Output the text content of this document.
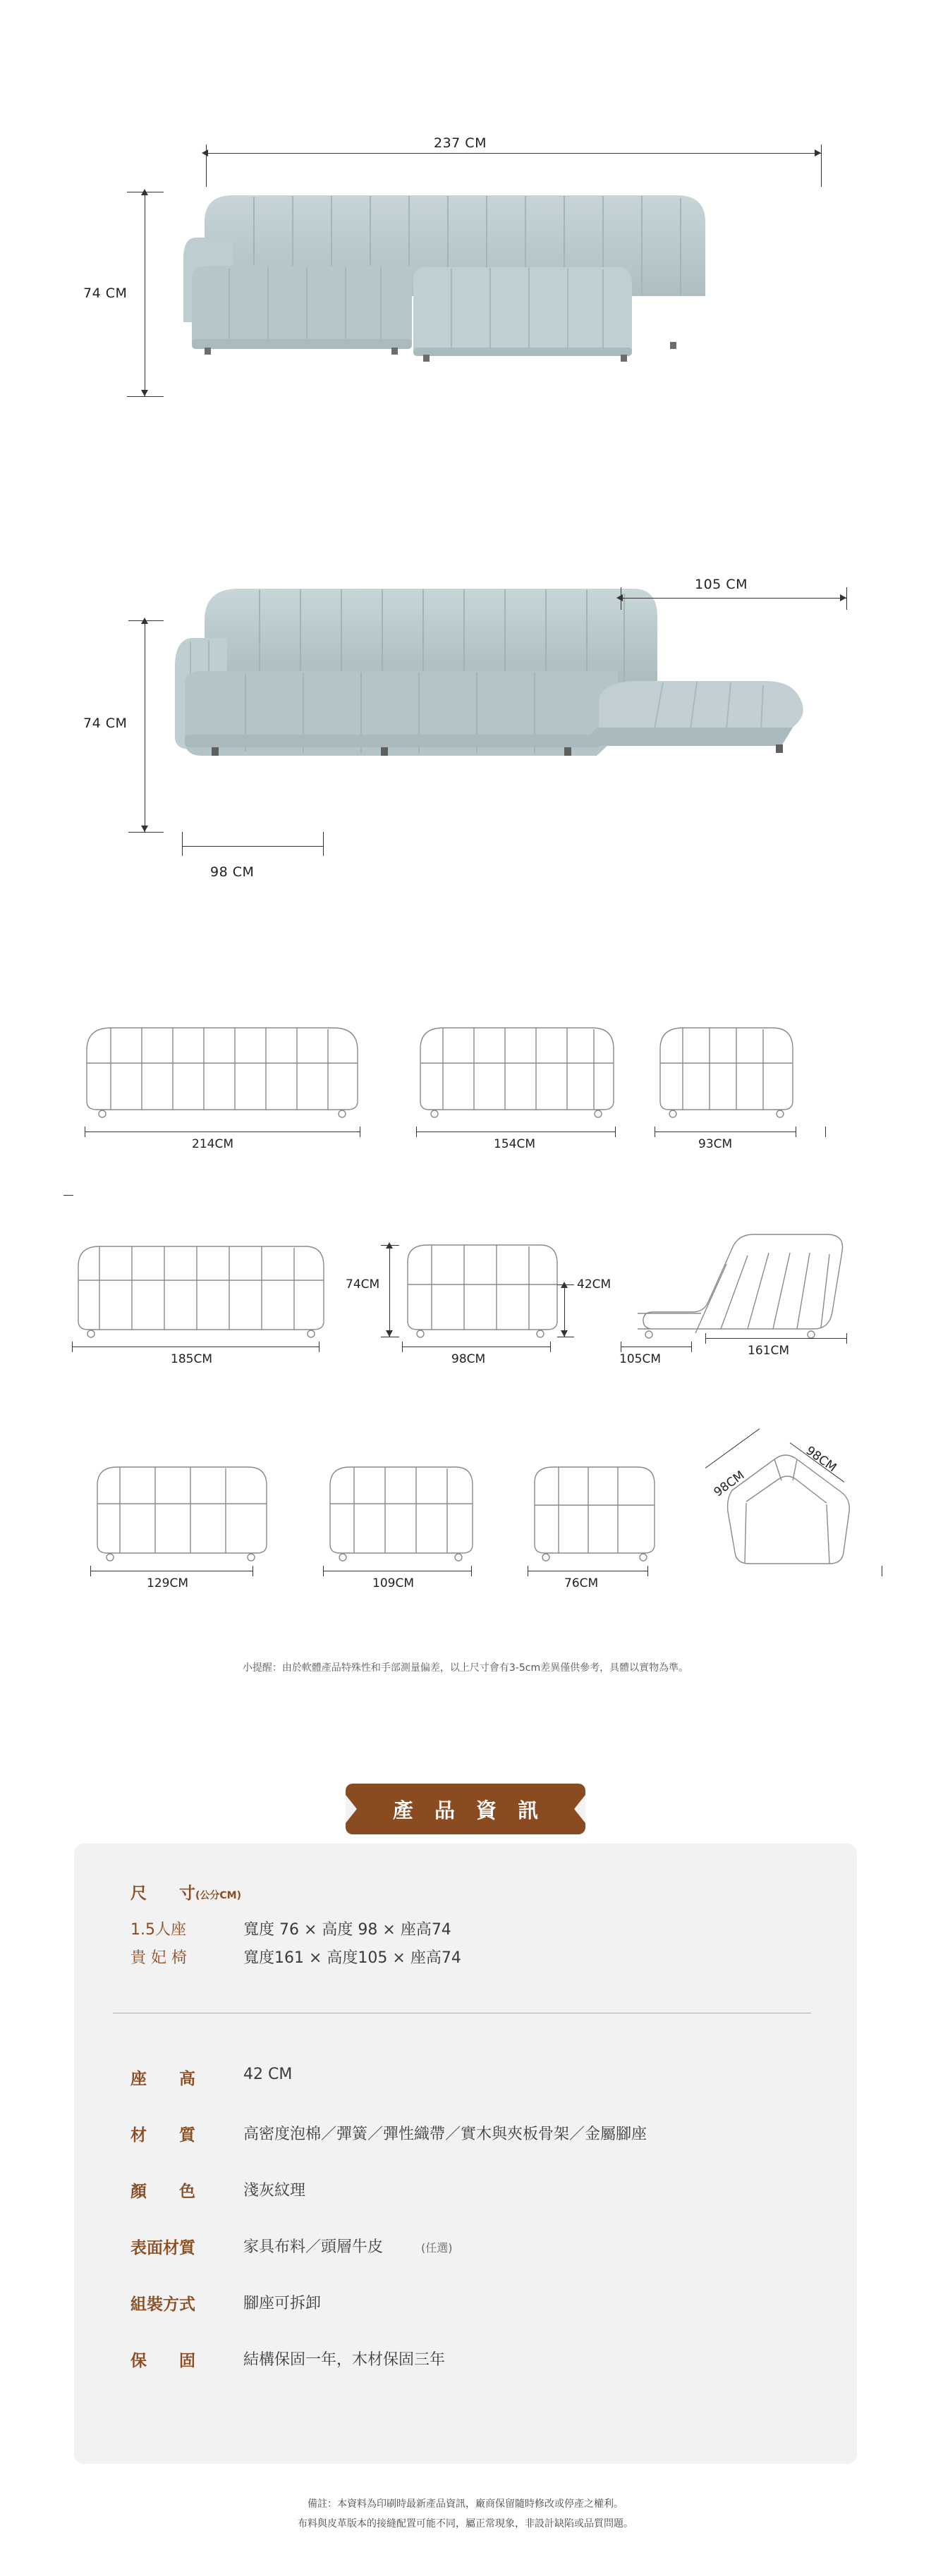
237 CM
74 CM
105 CM
74 CM
98 CM
214CM	154CM	93CM
185CM
74CM	42CM
98CM	105CM
161CM
129CM	109CM	76CM
98CM
98CM
小提醒：由於軟體產品特殊性和手部測量偏差，以上尺寸會有3-5cm差異僅供參考，具體以實物為準。
產 品 資 訊
尺　　寸(公分CM)
1.5人座	寬度 76 × 高度 98 × 座高74
貴 妃 椅	寬度161 × 高度105 × 座高74
座　　高	42 CM
材　　質	高密度泡棉／彈簧／彈性織帶／實木與夾板骨架／金屬腳座
顏　　色	淺灰紋理
表面材質	家具布料／頭層牛皮	(任選)
組裝方式	腳座可拆卸
保　　固	結構保固一年，木材保固三年
備註：本資料為印刷時最新產品資訊，廠商保留隨時修改或停產之權利。
布料與皮革版本的接縫配置可能不同，屬正常現象，非設計缺陷或品質問題。
